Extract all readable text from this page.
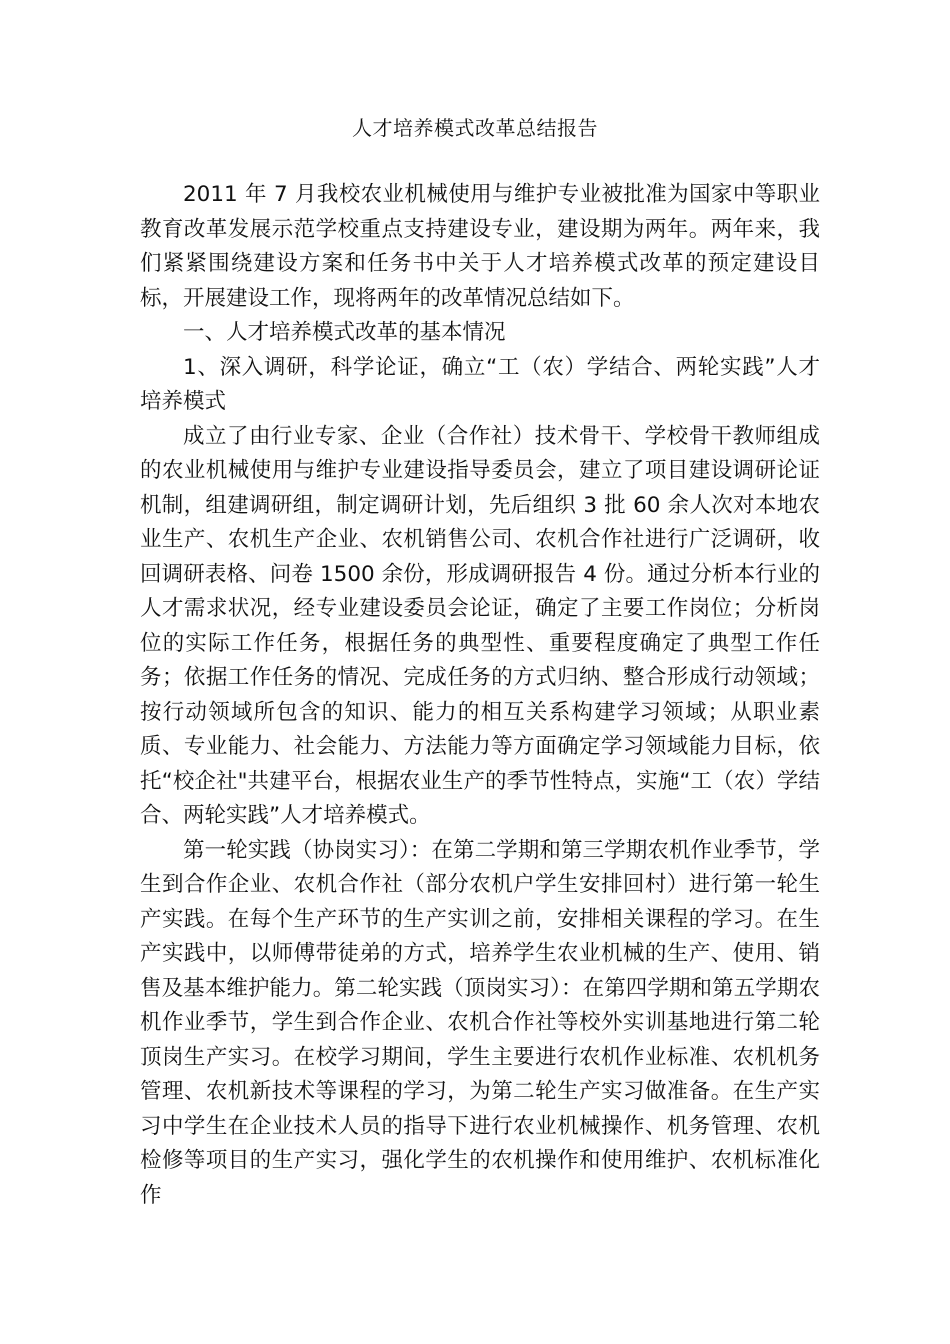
人才培养模式改革总结报告

2011 年 7 月我校农业机械使用与维护专业被批准为国家中等职业教育改革发展示范学校重点支持建设专业，建设期为两年。两年来，我们紧紧围绕建设方案和任务书中关于人才培养模式改革的预定建设目标，开展建设工作，现将两年的改革情况总结如下。

一、人才培养模式改革的基本情况

1、深入调研，科学论证，确立“工（农）学结合、两轮实践”人才培养模式

成立了由行业专家、企业（合作社）技术骨干、学校骨干教师组成的农业机械使用与维护专业建设指导委员会，建立了项目建设调研论证机制，组建调研组，制定调研计划，先后组织 3 批 60 余人次对本地农业生产、农机生产企业、农机销售公司、农机合作社进行广泛调研，收回调研表格、问卷 1500 余份，形成调研报告 4 份。通过分析本行业的人才需求状况，经专业建设委员会论证，确定了主要工作岗位；分析岗位的实际工作任务，根据任务的典型性、重要程度确定了典型工作任务；依据工作任务的情况、完成任务的方式归纳、整合形成行动领域；按行动领域所包含的知识、能力的相互关系构建学习领域；从职业素质、专业能力、社会能力、方法能力等方面确定学习领域能力目标，依托“校企社"共建平台，根据农业生产的季节性特点，实施“工（农）学结合、两轮实践”人才培养模式。

第一轮实践（协岗实习）：在第二学期和第三学期农机作业季节，学生到合作企业、农机合作社（部分农机户学生安排回村）进行第一轮生产实践。在每个生产环节的生产实训之前，安排相关课程的学习。在生产实践中，以师傅带徒弟的方式，培养学生农业机械的生产、使用、销售及基本维护能力。第二轮实践（顶岗实习）：在第四学期和第五学期农机作业季节，学生到合作企业、农机合作社等校外实训基地进行第二轮顶岗生产实习。在校学习期间，学生主要进行农机作业标准、农机机务管理、农机新技术等课程的学习，为第二轮生产实习做准备。在生产实习中学生在企业技术人员的指导下进行农业机械操作、机务管理、农机检修等项目的生产实习，强化学生的农机操作和使用维护、农机标准化作
